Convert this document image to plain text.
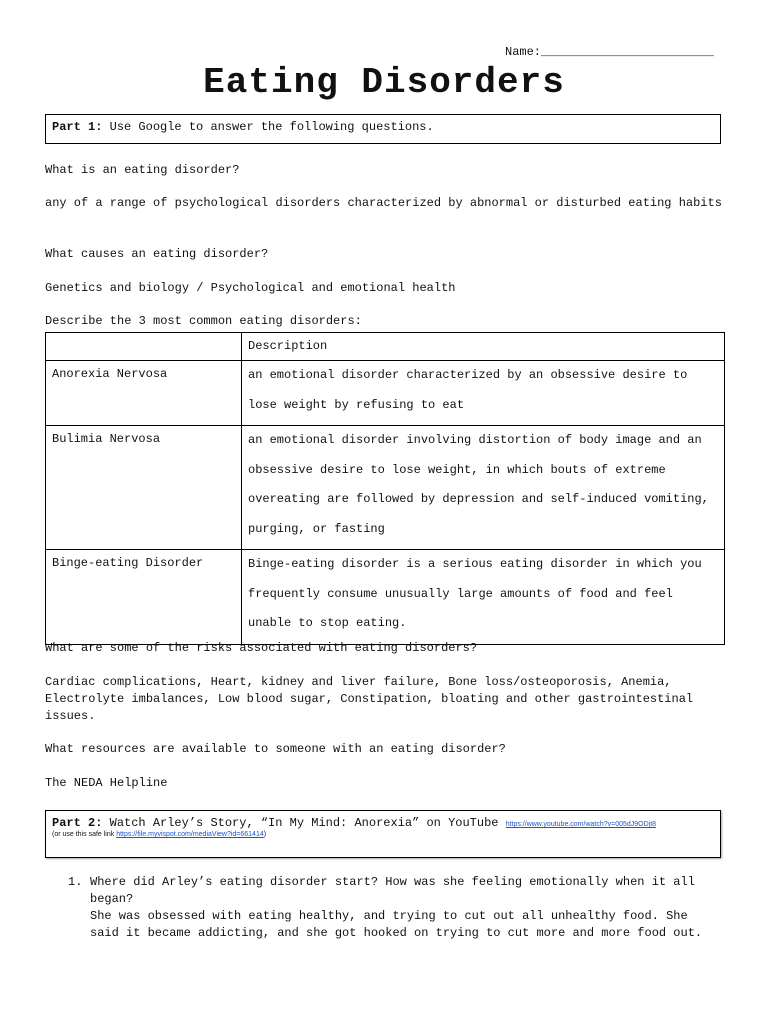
Name:________________________
Eating Disorders
Part 1: Use Google to answer the following questions.
What is an eating disorder?
any of a range of psychological disorders characterized by abnormal or disturbed eating habits
What causes an eating disorder?
Genetics and biology / Psychological and emotional health
Describe the 3 most common eating disorders:
	Description
Anorexia Nervosa	an emotional disorder characterized by an obsessive desire to lose weight by refusing to eat
Bulimia Nervosa	an emotional disorder involving distortion of body image and an obsessive desire to lose weight, in which bouts of extreme overeating are followed by depression and self-induced vomiting, purging, or fasting
Binge-eating Disorder	Binge-eating disorder is a serious eating disorder in which you frequently consume unusually large amounts of food and feel unable to stop eating.
What are some of the risks associated with eating disorders?
Cardiac complications, Heart, kidney and liver failure, Bone loss/osteoporosis, Anemia, Electrolyte imbalances, Low blood sugar, Constipation, bloating and other gastrointestinal issues.
What resources are available to someone with an eating disorder?
The NEDA Helpline
Part 2: Watch Arley’s Story, “In My Mind: Anorexia” on YouTube https://www.youtube.com/watch?v=005dJ9ODjt8
(or use this safe link https://file.myvispot.com/mediaView?id=661414)
1. Where did Arley’s eating disorder start? How was she feeling emotionally when it all began?
She was obsessed with eating healthy, and trying to cut out all unhealthy food. She said it became addicting, and she got hooked on trying to cut more and more food out.
